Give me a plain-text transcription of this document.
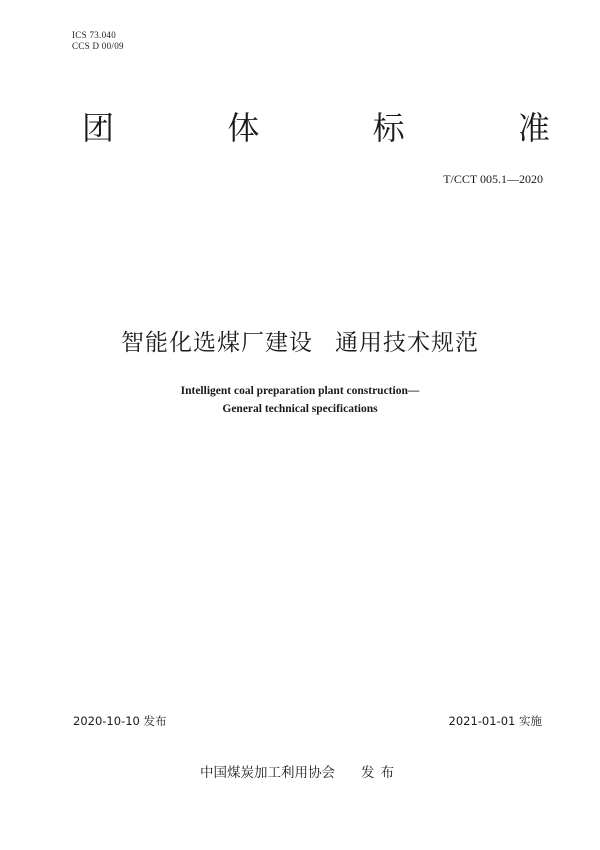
ICS 73.040
CCS D 00/09
团	体	标	准
T/CCT 005.1—2020
智能化选煤厂建设 通用技术规范
Intelligent coal preparation plant construction—
General technical specifications
2020-10-10 发布	2021-01-01 实施
中国煤炭加工利用协会 发布
